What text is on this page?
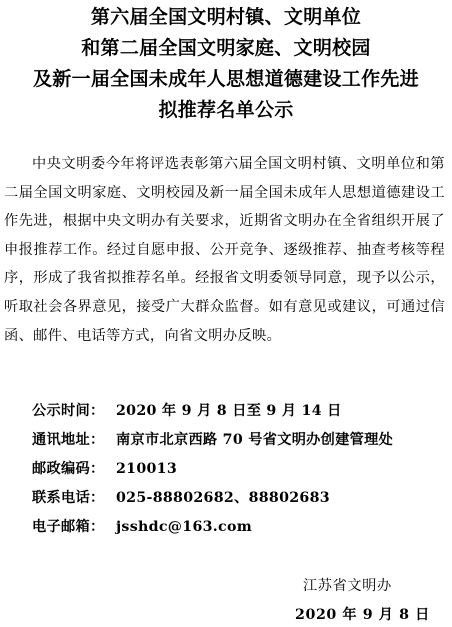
第六届全国文明村镇、文明单位
和第二届全国文明家庭、文明校园
及新一届全国未成年人思想道德建设工作先进
拟推荐名单公示
中央文明委今年将评选表彰第六届全国文明村镇、文明单位和第二届全国文明家庭、文明校园及新一届全国未成年人思想道德建设工作先进，根据中央文明办有关要求，近期省文明办在全省组织开展了申报推荐工作。经过自愿申报、公开竞争、逐级推荐、抽查考核等程序，形成了我省拟推荐名单。经报省文明委领导同意，现予以公示，听取社会各界意见，接受广大群众监督。如有意见或建议，可通过信函、邮件、电话等方式，向省文明办反映。
公示时间： 2020 年 9 月 8 日至 9 月 14 日
通讯地址： 南京市北京西路 70 号省文明办创建管理处
邮政编码： 210013
联系电话： 025-88802682、88802683
电子邮箱： jsshdc@163.com
江苏省文明办
2020 年 9 月 8 日
